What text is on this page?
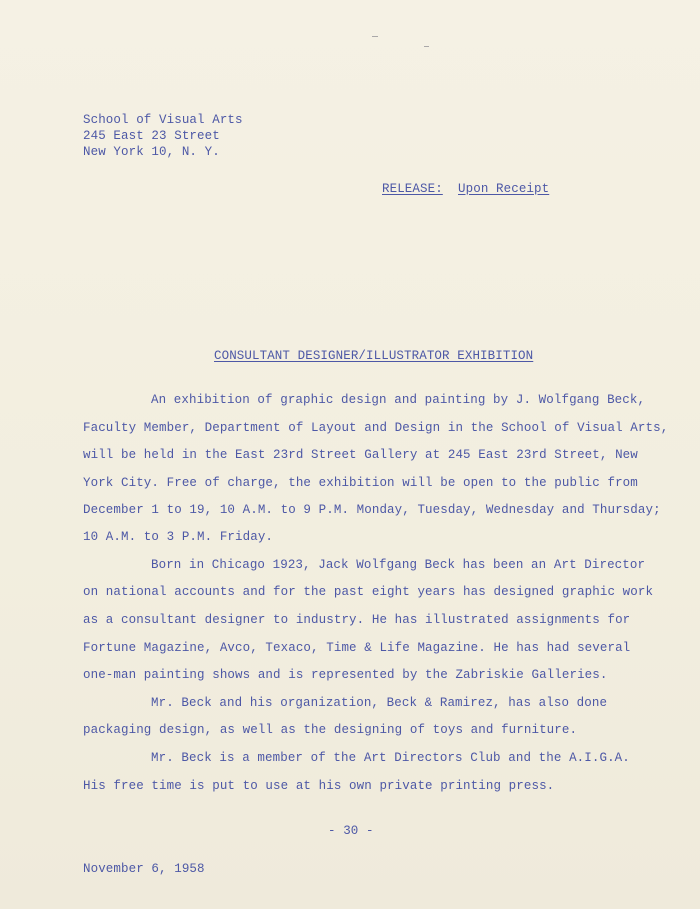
School of Visual Arts
245 East 23 Street
New York 10, N. Y.
RELEASE: Upon Receipt
CONSULTANT DESIGNER/ILLUSTRATOR EXHIBITION
An exhibition of graphic design and painting by J. Wolfgang Beck,
Faculty Member, Department of Layout and Design in the School of Visual Arts,
will be held in the East 23rd Street Gallery at 245 East 23rd Street, New
York City. Free of charge, the exhibition will be open to the public from
December 1 to 19, 10 A.M. to 9 P.M. Monday, Tuesday, Wednesday and Thursday;
10 A.M. to 3 P.M. Friday.
Born in Chicago 1923, Jack Wolfgang Beck has been an Art Director
on national accounts and for the past eight years has designed graphic work
as a consultant designer to industry. He has illustrated assignments for
Fortune Magazine, Avco, Texaco, Time & Life Magazine. He has had several
one-man painting shows and is represented by the Zabriskie Galleries.
Mr. Beck and his organization, Beck & Ramirez, has also done
packaging design, as well as the designing of toys and furniture.
Mr. Beck is a member of the Art Directors Club and the A.I.G.A.
His free time is put to use at his own private printing press.
- 30 -
November 6, 1958
